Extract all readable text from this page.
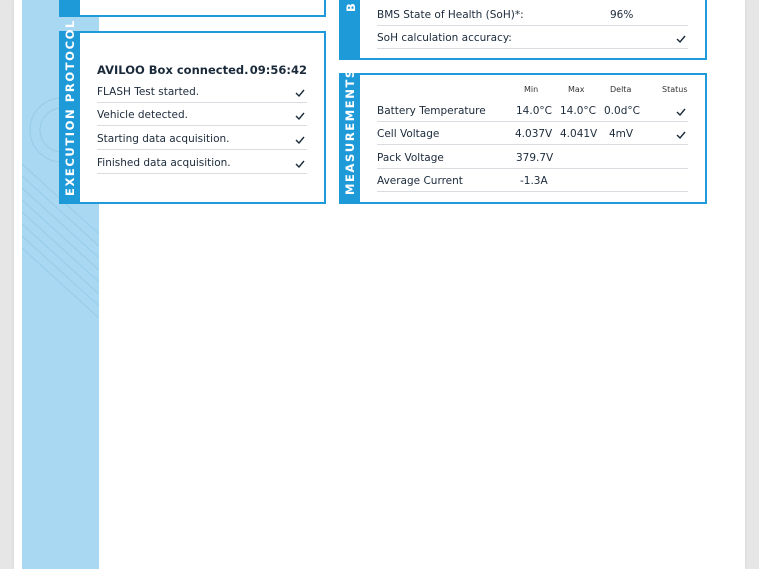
EXECUTION PROTOCOL AVILOO Box connected. 09:56:42
FLASH Test started.
Vehicle detected.
Starting data acquisition.
Finished data acquisition.
B
BMS State of Health (SoH)*:	96%
SoH calculation accuracy:
MEASUREMENTS	Min	Max	Delta	Status
Battery Temperature	14.0°C 14.0°C 0.0d°C
Cell Voltage	4.037V 4.041V 4mV
Pack Voltage	379.7V
Average Current	-1.3A
